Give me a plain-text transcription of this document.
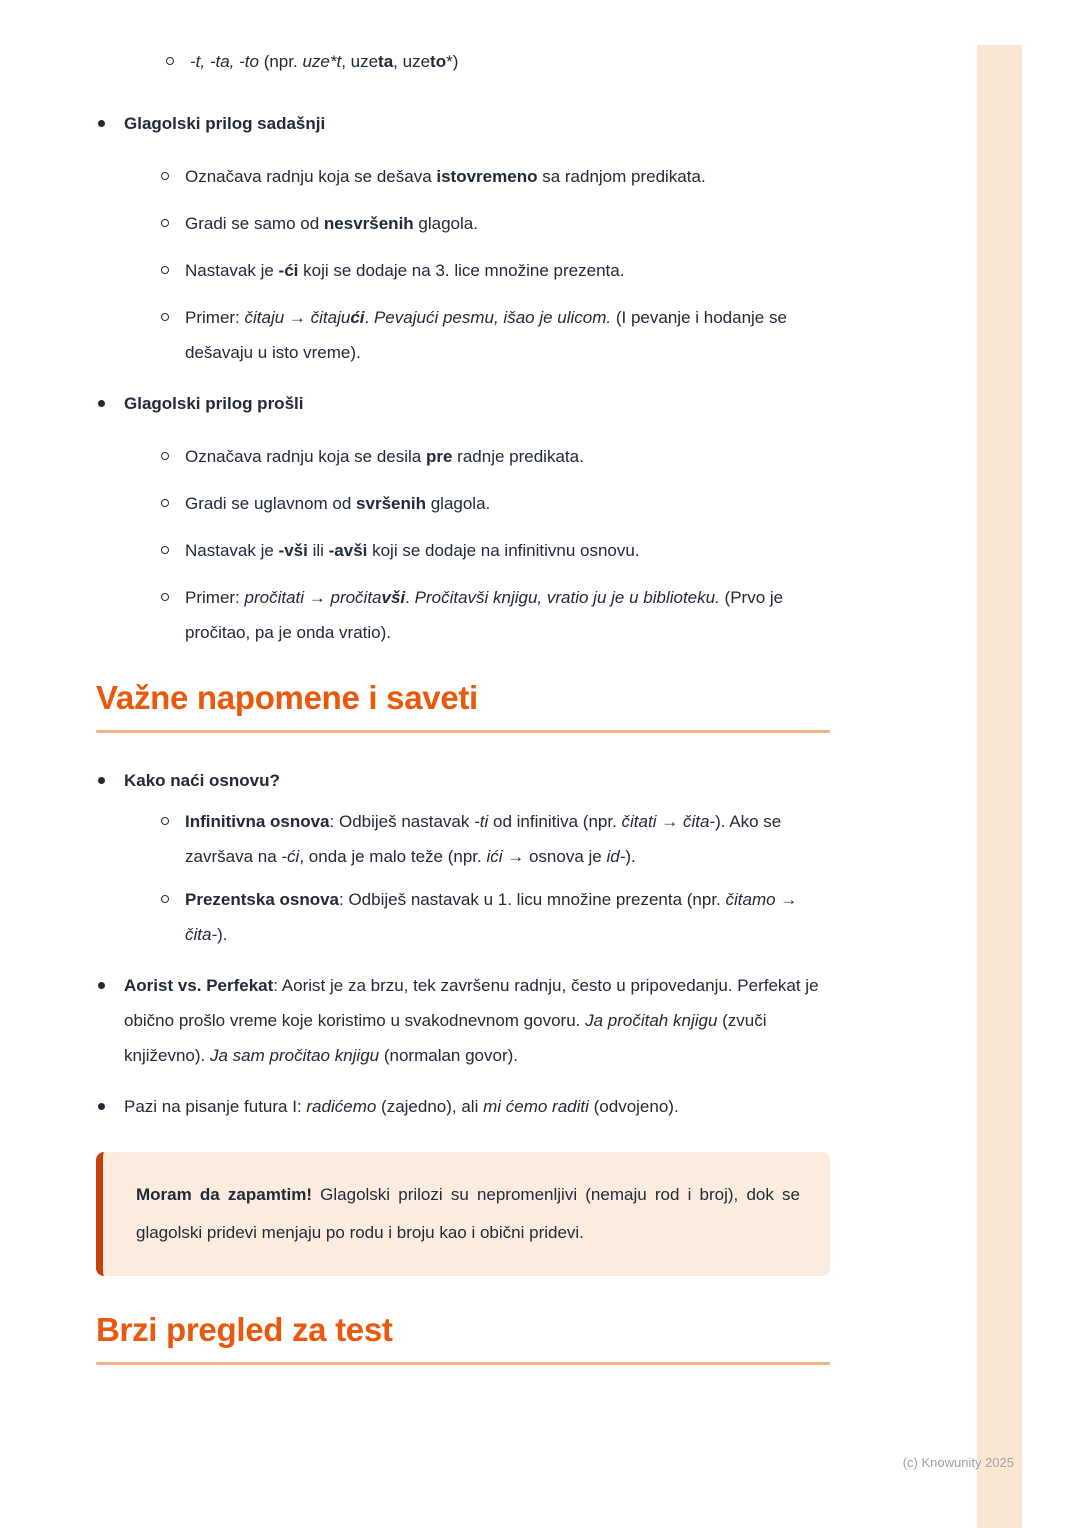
-t, -ta, -to (npr. uze*t, uzeta, uzeto*)

Glagolski prilog sadašnji

Označava radnju koja se dešava istovremeno sa radnjom predikata.

Gradi se samo od nesvršenih glagola.

Nastavak je -ći koji se dodaje na 3. lice množine prezenta.

Primer: čitaju → čitajući. Pevajući pesmu, išao je ulicom. (I pevanje i hodanje se dešavaju u isto vreme).

Glagolski prilog prošli

Označava radnju koja se desila pre radnje predikata.

Gradi se uglavnom od svršenih glagola.

Nastavak je -vši ili -avši koji se dodaje na infinitivnu osnovu.

Primer: pročitati → pročitavši. Pročitavši knjigu, vratio ju je u biblioteku. (Prvo je pročitao, pa je onda vratio).

Važne napomene i saveti

Kako naći osnovu?

Infinitivna osnova: Odbiješ nastavak -ti od infinitiva (npr. čitati → čita-). Ako se završava na -ći, onda je malo teže (npr. ići → osnova je id-).

Prezentska osnova: Odbiješ nastavak u 1. licu množine prezenta (npr. čitamo → čita-).

Aorist vs. Perfekat: Aorist je za brzu, tek završenu radnju, često u pripovedanju. Perfekat je obično prošlo vreme koje koristimo u svakodnevnom govoru. Ja pročitah knjigu (zvuči književno). Ja sam pročitao knjigu (normalan govor).

Pazi na pisanje futura I: radićemo (zajedno), ali mi ćemo raditi (odvojeno).

Moram da zapamtim! Glagolski prilozi su nepromenljivi (nemaju rod i broj), dok se glagolski pridevi menjaju po rodu i broju kao i obični pridevi.

Brzi pregled za test
(c) Knowunity 2025
